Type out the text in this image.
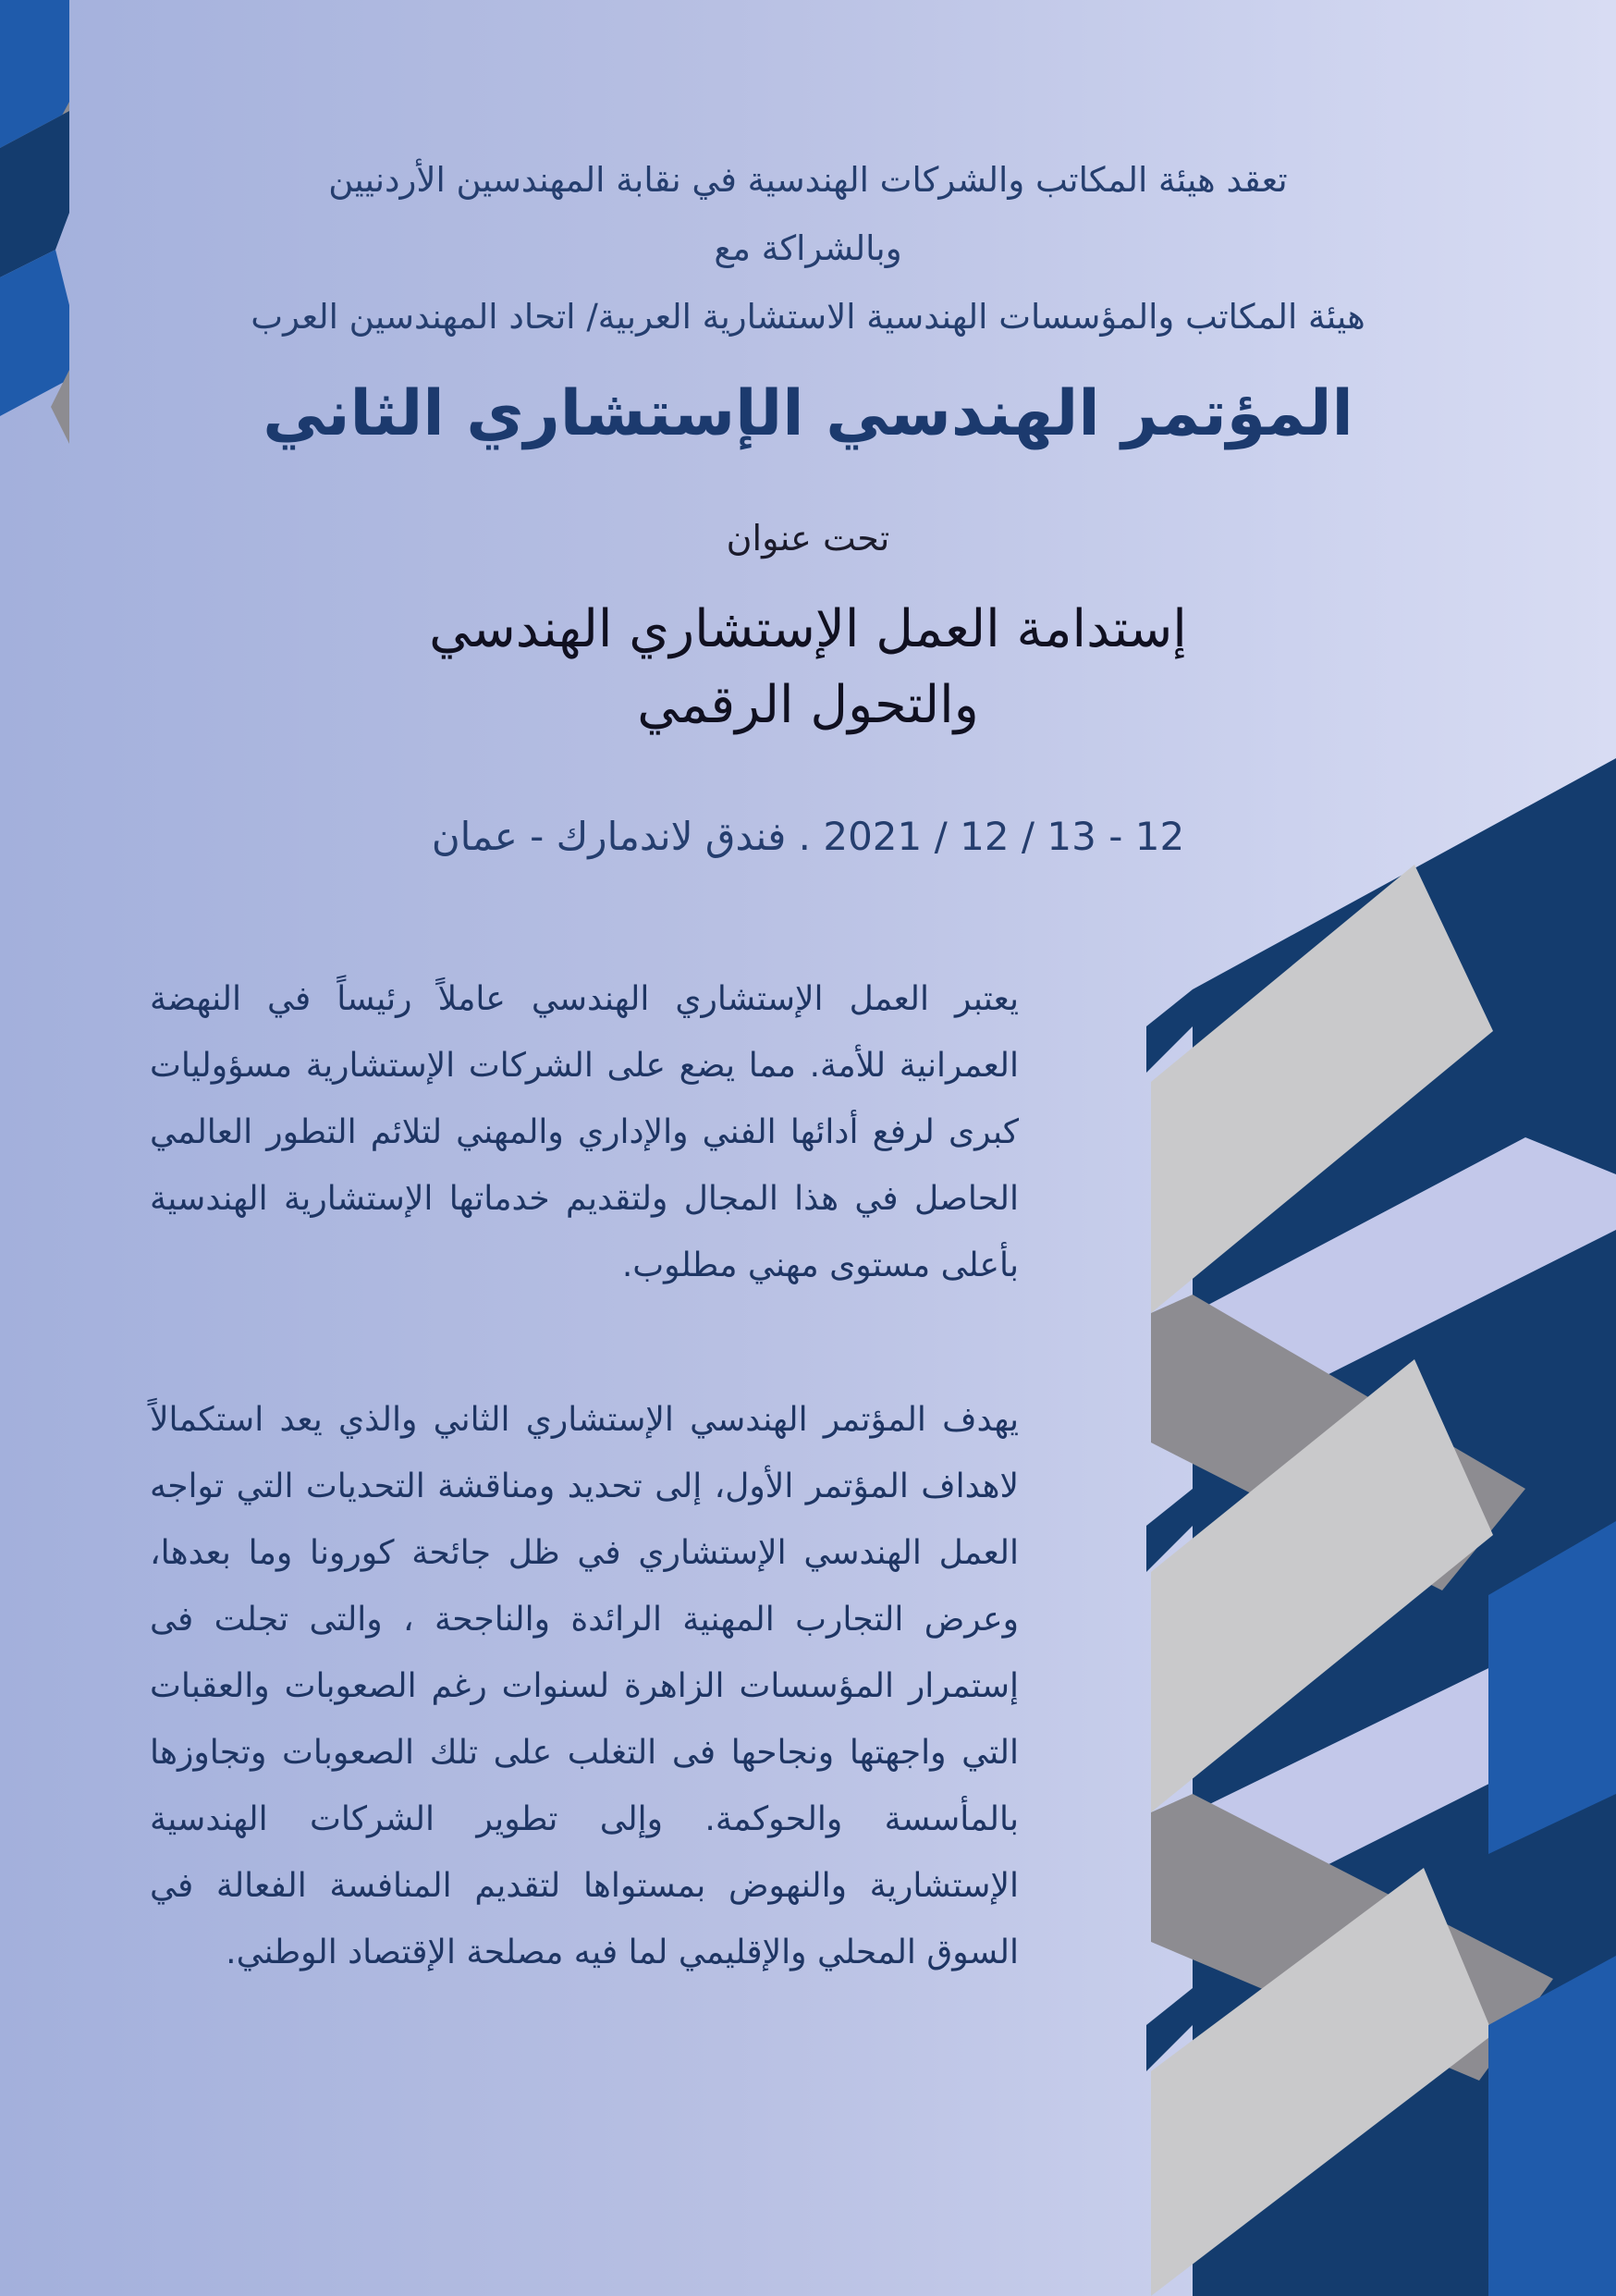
تعقد هيئة المكاتب والشركات الهندسية في نقابة المهندسين الأردنيين
وبالشراكة مع
هيئة المكاتب والمؤسسات الهندسية الاستشارية العربية/ اتحاد المهندسين العرب
المؤتمر الهندسي الإستشاري الثاني
تحت عنوان
إستدامة العمل الإستشاري الهندسي
والتحول الرقمي
12 - 13 / 12 / 2021 . فندق لاندمارك - عمان
يعتبر العمل الإستشاري الهندسي عاملاً رئيساً في النهضة العمرانية للأمة. مما يضع على الشركات الإستشارية مسؤوليات كبرى لرفع أدائها الفني والإداري والمهني لتلائم التطور العالمي الحاصل في هذا المجال ولتقديم خدماتها الإستشارية الهندسية بأعلى مستوى مهني مطلوب.
يهدف المؤتمر الهندسي الإستشاري الثاني والذي يعد استكمالاً لاهداف المؤتمر الأول، إلى تحديد ومناقشة التحديات التي تواجه العمل الهندسي الإستشاري في ظل جائحة كورونا وما بعدها، وعرض التجارب المهنية الرائدة والناجحة ، والتى تجلت فى إستمرار المؤسسات الزاهرة لسنوات رغم الصعوبات والعقبات التي واجهتها ونجاحها فى التغلب على تلك الصعوبات وتجاوزها بالمأسسة والحوكمة. وإلى تطوير الشركات الهندسية الإستشارية والنهوض بمستواها لتقديم المنافسة الفعالة في السوق المحلي والإقليمي لما فيه مصلحة الإقتصاد الوطني.
